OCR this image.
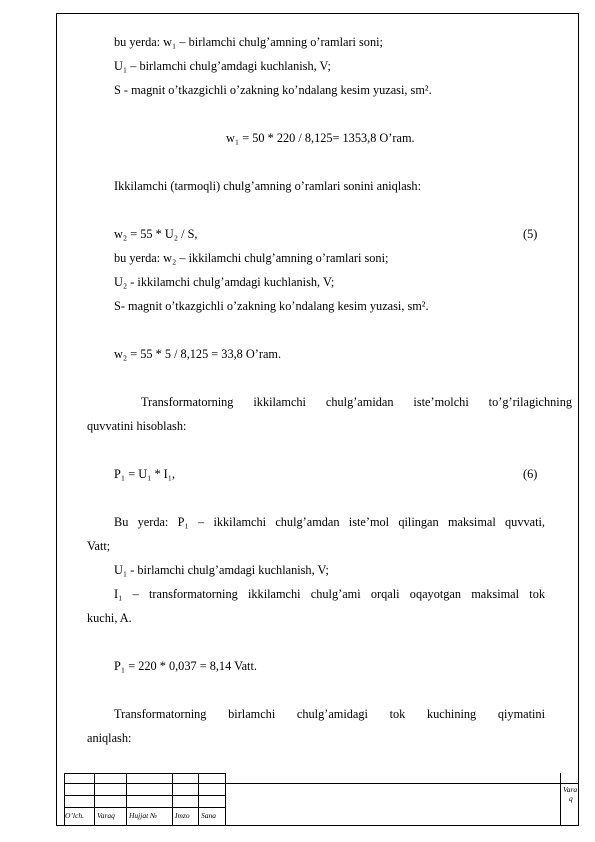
bu yerda: w₁ – birlamchi chulg’amning o’ramlari soni;
U₁ – birlamchi chulg’amdagi kuchlanish, V;
S - magnit o’tkazgichli o’zakning ko’ndalang kesim yuzasi, sm².
w₁ = 50 * 220 / 8,125= 1353,8 O’ram.
Ikkilamchi (tarmoqli) chulg’amning o’ramlari sonini aniqlash:
w₂ = 55 * U₂ / S,	(5)
bu yerda: w₂ – ikkilamchi chulg’amning o’ramlari soni;
U₂ - ikkilamchi chulg’amdagi kuchlanish, V;
S- magnit o’tkazgichli o’zakning ko’ndalang kesim yuzasi, sm².
w₂ = 55 * 5 / 8,125 = 33,8 O’ram.
Transformatorning ikkilamchi chulg’amidan iste’molchi to’g’rilagichning
quvvatini hisoblash:
P₁ = U₁ * I₁,	(6)
Bu yerda: P₁ – ikkilamchi chulg’amdan iste’mol qilingan maksimal quvvati,
Vatt;
U₁ - birlamchi chulg’amdagi kuchlanish, V;
I₁ – transformatorning ikkilamchi chulg’ami orqali oqayotgan maksimal tok
kuchi, A.
P₁ = 220 * 0,037 = 8,14 Vatt.
Transformatorning birlamchi chulg’amidagi tok kuchining qiymatini
aniqlash:
O’lch. Varaq Hujjat № Imzo Sana
Vara
q
